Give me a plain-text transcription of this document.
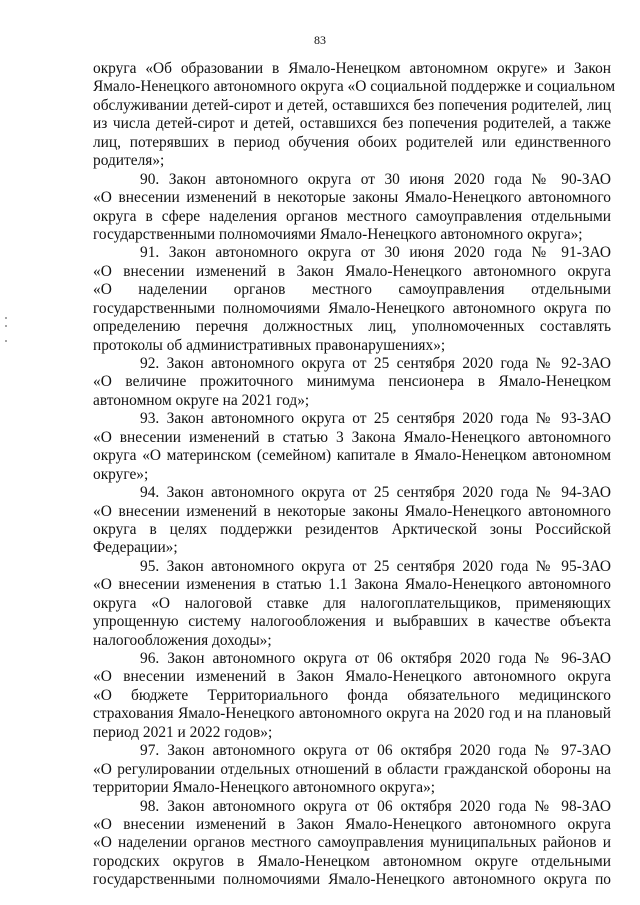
83
округа «Об образовании в Ямало-Ненецком автономном округе» и Закон
Ямало-Ненецкого автономного округа «О социальной поддержке и социальном
обслуживании детей-сирот и детей, оставшихся без попечения родителей, лиц
из числа детей-сирот и детей, оставшихся без попечения родителей, а также
лиц, потерявших в период обучения обоих родителей или единственного
родителя»;
90. Закон автономного округа от 30 июня 2020 года № 90-ЗАО
«О внесении изменений в некоторые законы Ямало-Ненецкого автономного
округа в сфере наделения органов местного самоуправления отдельными
государственными полномочиями Ямало-Ненецкого автономного округа»;
91. Закон автономного округа от 30 июня 2020 года № 91-ЗАО
«О внесении изменений в Закон Ямало-Ненецкого автономного округа
«О наделении органов местного самоуправления отдельными
государственными полномочиями Ямало-Ненецкого автономного округа по
определению перечня должностных лиц, уполномоченных составлять
протоколы об административных правонарушениях»;
92. Закон автономного округа от 25 сентября 2020 года № 92-ЗАО
«О величине прожиточного минимума пенсионера в Ямало-Ненецком
автономном округе на 2021 год»;
93. Закон автономного округа от 25 сентября 2020 года № 93-ЗАО
«О внесении изменений в статью 3 Закона Ямало-Ненецкого автономного
округа «О материнском (семейном) капитале в Ямало-Ненецком автономном
округе»;
94. Закон автономного округа от 25 сентября 2020 года № 94-ЗАО
«О внесении изменений в некоторые законы Ямало-Ненецкого автономного
округа в целях поддержки резидентов Арктической зоны Российской
Федерации»;
95. Закон автономного округа от 25 сентября 2020 года № 95-ЗАО
«О внесении изменения в статью 1.1 Закона Ямало-Ненецкого автономного
округа «О налоговой ставке для налогоплательщиков, применяющих
упрощенную систему налогообложения и выбравших в качестве объекта
налогообложения доходы»;
96. Закон автономного округа от 06 октября 2020 года № 96-ЗАО
«О внесении изменений в Закон Ямало-Ненецкого автономного округа
«О бюджете Территориального фонда обязательного медицинского
страхования Ямало-Ненецкого автономного округа на 2020 год и на плановый
период 2021 и 2022 годов»;
97. Закон автономного округа от 06 октября 2020 года № 97-ЗАО
«О регулировании отдельных отношений в области гражданской обороны на
территории Ямало-Ненецкого автономного округа»;
98. Закон автономного округа от 06 октября 2020 года № 98-ЗАО
«О внесении изменений в Закон Ямало-Ненецкого автономного округа
«О наделении органов местного самоуправления муниципальных районов и
городских округов в Ямало-Ненецком автономном округе отдельными
государственными полномочиями Ямало-Ненецкого автономного округа по
